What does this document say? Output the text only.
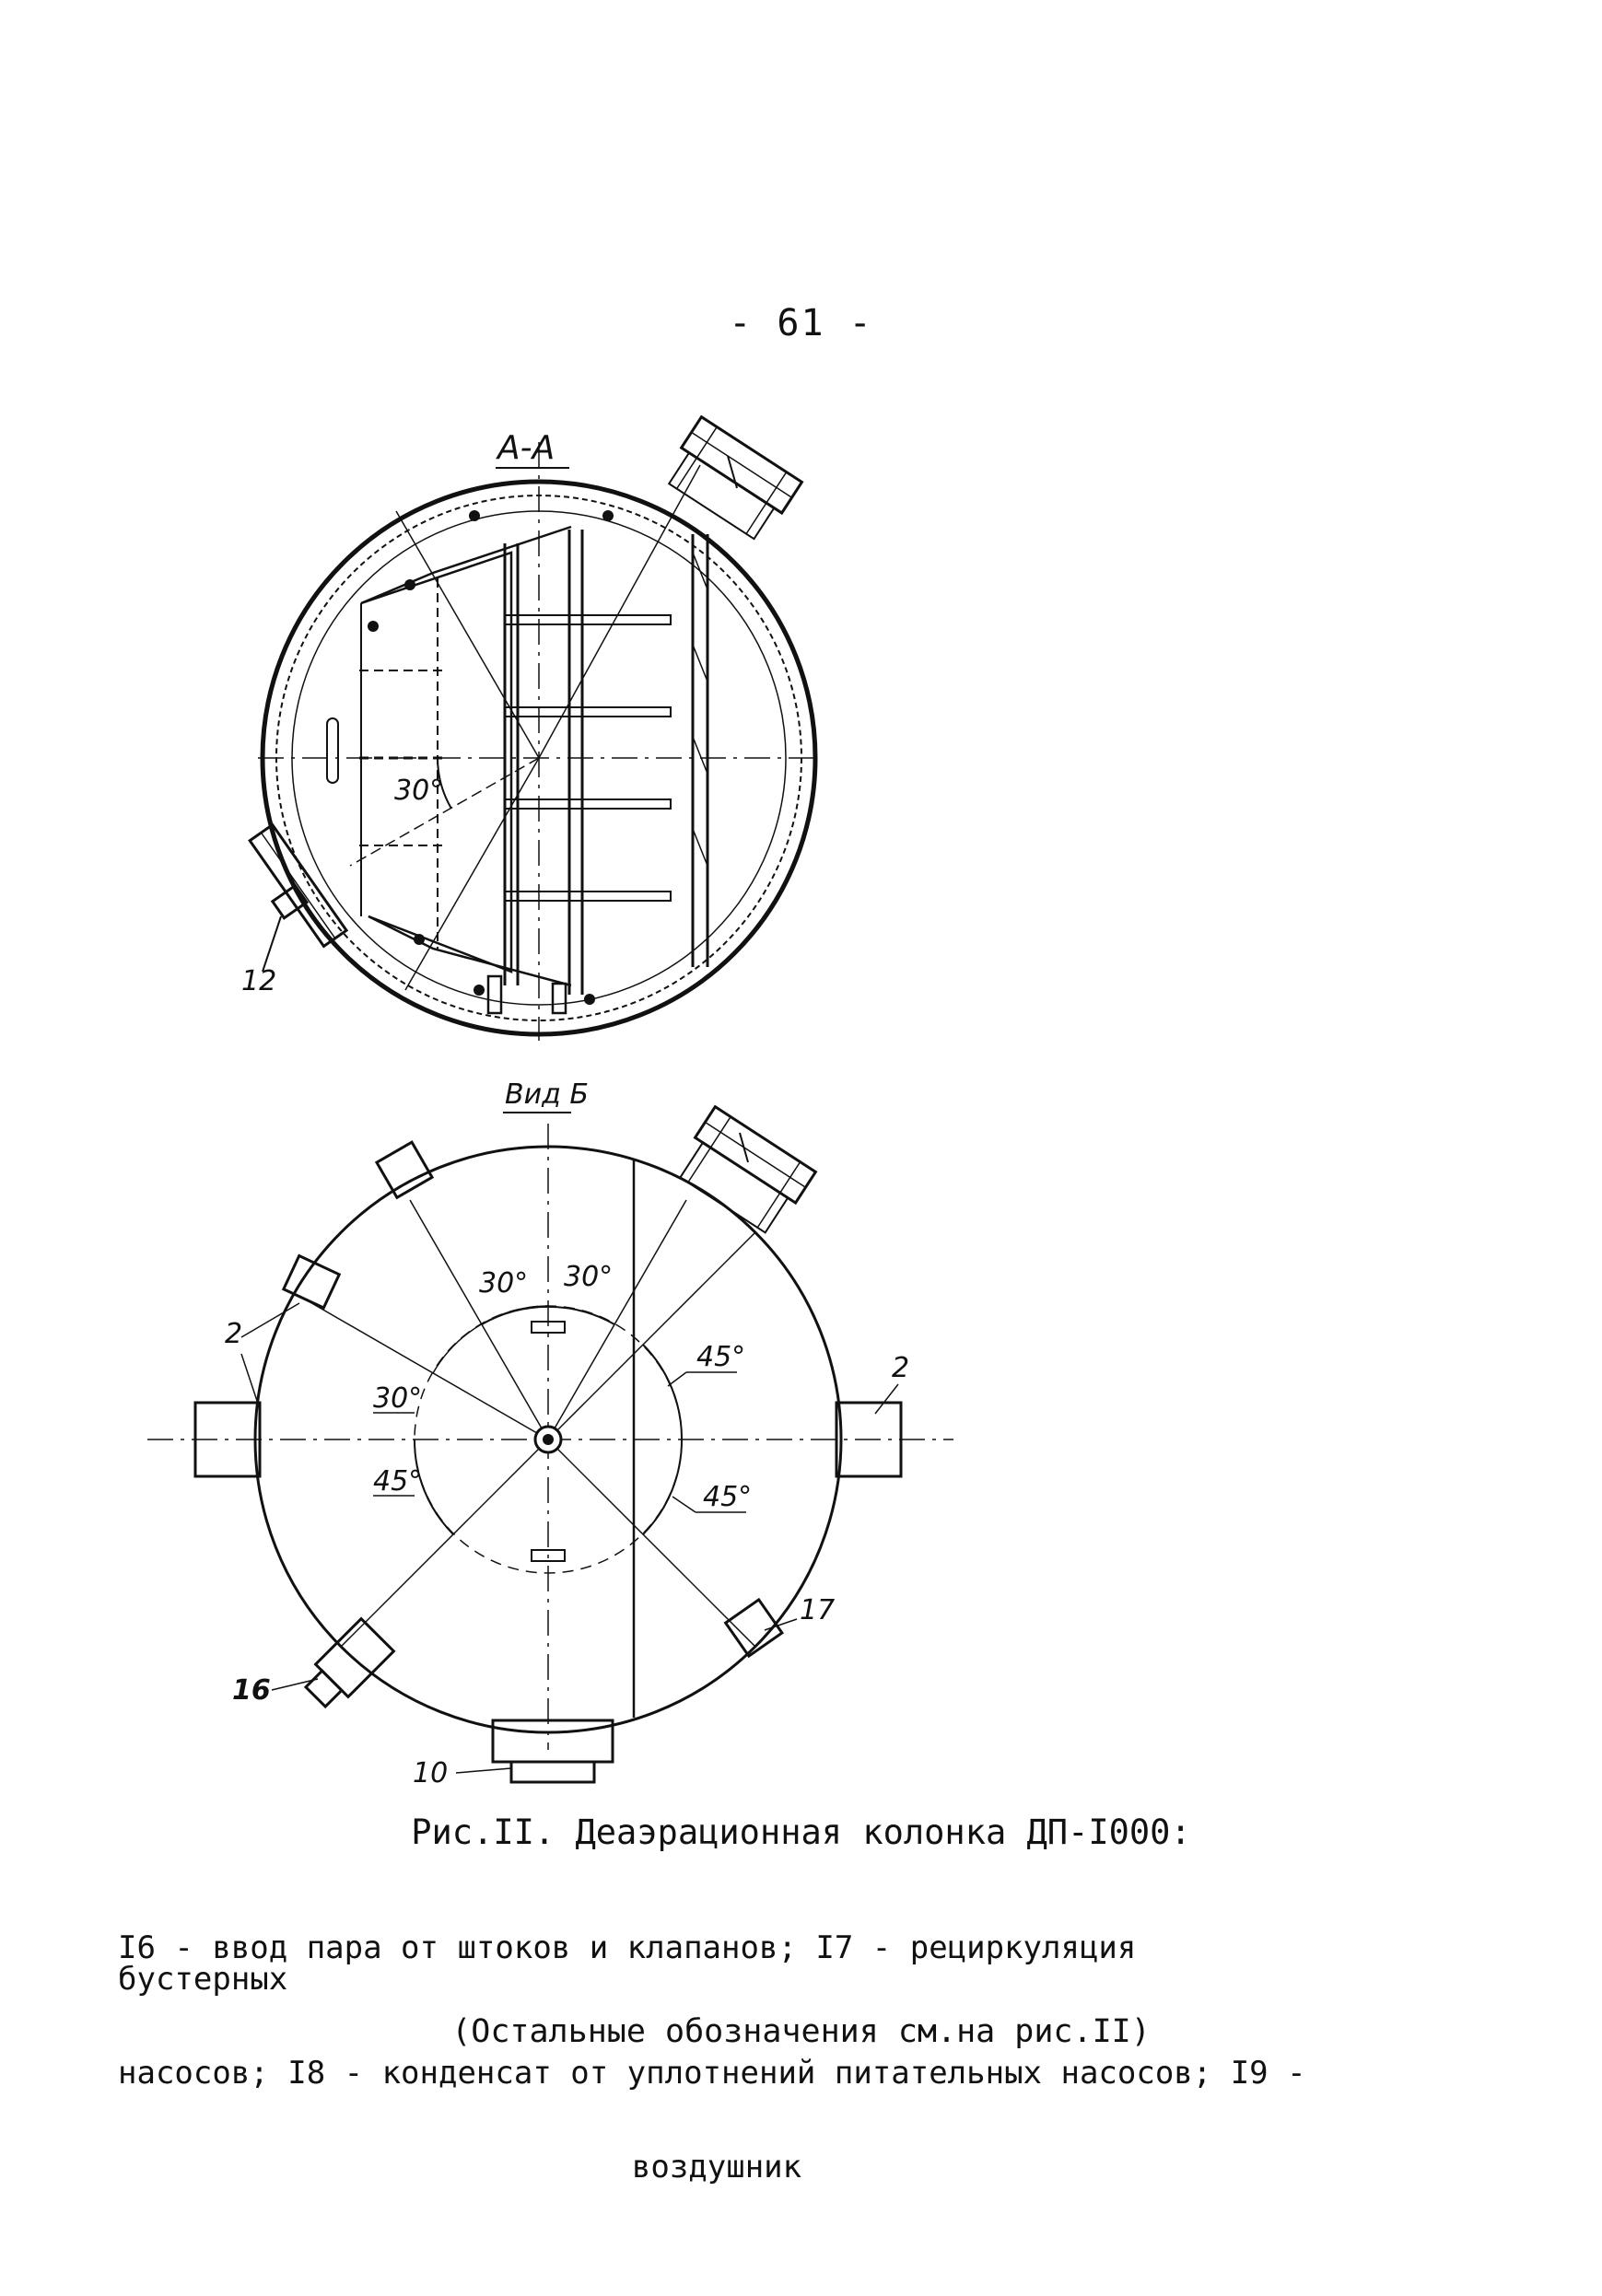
- 61 -
А-А
30°
12
Вид Б
30° 30°
30°
45°
45°
45°
2
2
17
16
10
Рис.II. Деаэрационная колонка ДП-I000:

I6 - ввод пара от штоков и клапанов; I7 - рециркуляция бустерных

насосов; I8 - конденсат от уплотнений питательных насосов; I9 -

воздушник

(Остальные обозначения см.на рис.II)
